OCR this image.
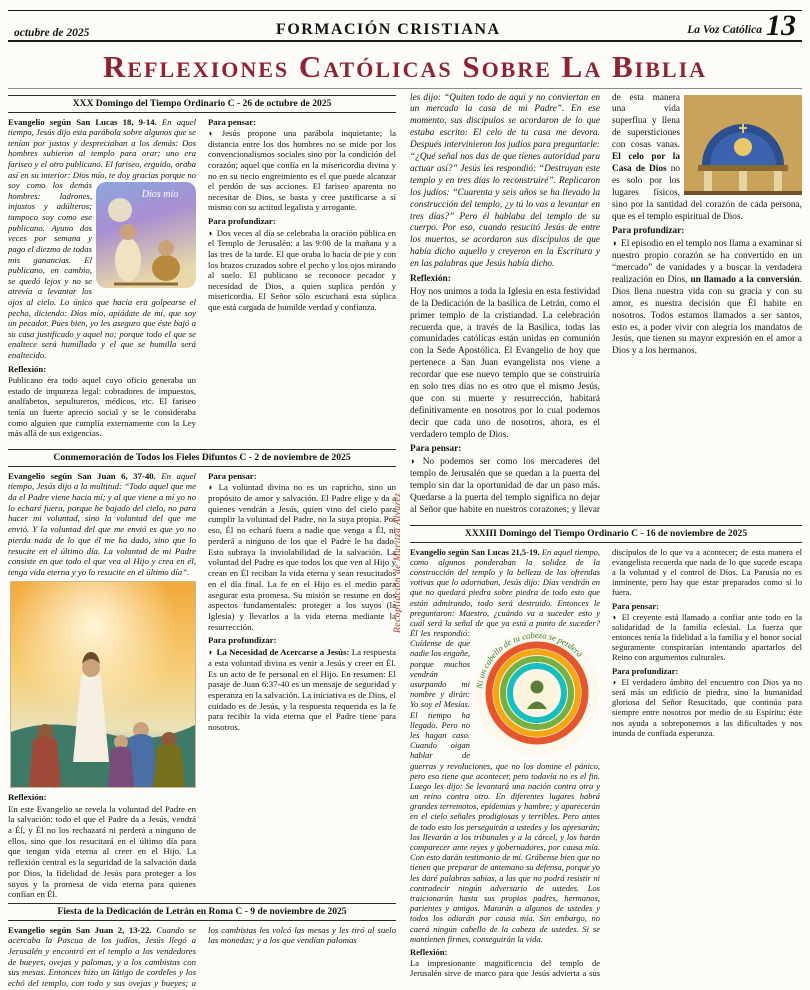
octubre de 2025	FORMACIÓN CRISTIANA	La Voz Católica 13
Reflexiones Católicas Sobre La Biblia
XXX Domingo del Tiempo Ordinario C - 26 de octubre de 2025

Evangelio según San Lucas 18, 9-14. En aquel tiempo, Jesús dijo esta parábola sobre algunos que se tenían por justos y despreciaban a los demás: Dos hombres subieron al templo para orar; uno era fariseo y el otro publicano. El fariseo, erguido, oraba así en su interior: Dios mío, te doy gracias porque
Dios mío
no soy como los demás hombres: ladrones, injustos y adúlteros; tampoco soy como ese publicano. Ayuno dos veces por semana y pago el diezmo de todas mis ganancias. El publicano, en cambio, se quedó lejos y no se atrevía a levantar los ojos al cielo. Lo único que hacía era golpearse el pecho, diciendo: Dios mío, apiádate de mí, que soy un pecador. Pues bien, yo les aseguro que éste bajó a su casa justificado y aquel no; porque todo el que se enaltece será humillado y el que se humilla será enaltecido.

Reflexión:

Publicano era todo aquel cuyo oficio generaba un estado de impureza legal: cobradores de impuestos, analfabetos, sepultureros, médicos, etc. El fariseo tenía un fuerte aprecio social y se le consideraba como alguien que cumplía externamente con la Ley más allá de sus exigencias.

Para pensar:

◗ Jesús propone una parábola inquietante; la distancia entre los dos hombres no se mide por los convencionalismos sociales sino por la condición del corazón; aquel que confía en la misericordia divina y no en su necio engreimiento es el que puede alcanzar el perdón de sus acciones. El fariseo aparenta no necesitar de Dios, se basta y cree justificarse a sí mismo con su actitud legalista y arrogante.

Para profundizar:

◗ Dos veces al día se celebraba la oración pública en el Templo de Jerusalén: a las 9:00 de la mañana y a las tres de la tarde. El que oraba lo hacía de pie y con los brazos cruzados sobre el pecho y los ojos mirando al suelo. El publicano se reconoce pecador y necesidad de Dios, a quien suplica perdón y misericordia. El Señor sólo escuchará esta súplica que está cargada de humilde verdad y confianza.

Conmemoración de Todos los Fieles Difuntos C - 2 de noviembre de 2025

Evangelio según San Juan 6, 37-40. En aquel tiempo, Jesús dijo a la multitud: “Todo aquel que me da el Padre viene hacia mí; y al que viene a mí yo no lo echaré fuera, porque he bajado del cielo, no para hacer mi voluntad, sino la voluntad del que me envió. Y la voluntad del que me envió es que yo no pierda nada de lo que él me ha dado, sino que lo resucite en el último día. La voluntad de mi Padre consiste en que todo el que vea al Hijo y crea en él, tenga vida eterna y yo lo resucite en el último día”.

Reflexión:

En este Evangelio se revela la voluntad del Padre en la salvación: todo el que el Padre da a Jesús, vendrá a Él, y Él no los rechazará ni perderá a ninguno de ellos, sino que los resucitará en el último día para que tengan vida eterna al creer en el Hijo. La reflexión central es la seguridad de la salvación dada por Dios, la fidelidad de Jesús para proteger a los suyos y la promesa de vida eterna para quienes confían en Él.

Para pensar:

◗ La voluntad divina no es un capricho, sino un propósito de amor y salvación. El Padre elige y da a quienes vendrán a Jesús, quien vino del cielo para cumplir la voluntad del Padre, no la suya propia. Por eso, Él no echará fuera a nadie que venga a Él, ni perderá a ninguno de los que el Padre le ha dado. Esto subraya la inviolabilidad de la salvación. La voluntad del Padre es que todos los que ven al Hijo y crean en Él reciban la vida eterna y sean resucitados en el día final. La fe en el Hijo es el medio para asegurar esta promesa. Su misión se resume en dos aspectos fundamentales: proteger a los suyos (la Iglesia) y llevarlos a la vida eterna mediante la resurrección.

Para profundizar:

◗ La Necesidad de Acercarse a Jesús: La respuesta a esta voluntad divina es venir a Jesús y creer en Él. Es un acto de fe personal en el Hijo. En resumen: El pasaje de Juan 6:37-40 es un mensaje de seguridad y esperanza en la salvación. La iniciativa es de Dios, el cuidado es de Jesús, y la respuesta requerida es la fe para recibir la vida eterna que el Padre tiene para nosotros.

Fiesta de la Dedicación de Letrán en Roma C - 9 de noviembre de 2025

Evangelio según San Juan 2, 13-22. Cuando se acercaba la Pascua de los judíos, Jesús llegó a Jerusalén y encontró en el templo a los vendedores de bueyes, ovejas y palomas, y a los cambistas con sus mesas. Entonces hizo un látigo de cordeles y los echó del templo, con todo y sus ovejas y bueyes; a los cambistas les volcó las mesas y les tiró al suelo las monedas; y a los que vendían palomas

les dijo: “Quiten todo de aquí y no conviertan en un mercado la casa de mi Padre”. En ese momento, sus discípulos se acordaron de lo que estaba escrito: El celo de tu casa me devora. Después intervinieron los judíos para preguntarle: “¿Qué señal nos das de que tienes autoridad para actuar así?” Jesús les respondió: “Destruyan este templo y en tres días lo reconstruiré”. Replicaron los judíos: “Cuarenta y seis años se ha llevado la construcción del templo, ¿y tú lo vas a levantar en tres días?” Pero él hablaba del templo de su cuerpo. Por eso, cuando resucitó Jesús de entre los muertos, se acordaron sus discípulos de que había dicho aquello y creyeron en la Escritura y en las palabras que Jesús había dicho.

Reflexión:

Hoy nos unimos a toda la Iglesia en esta festividad de la Dedicación de la basílica de Letrán, como el primer templo de la cristiandad. La celebración recuerda que, a través de la Basílica, todas las comunidades católicas están unidas en comunión con la Sede Apostólica. El Evangelio de hoy que pertenece a San Juan evangelista nos viene a recordar que ese nuevo templo que se construiría en solo tres días no es otro que el mismo Jesús, que con su muerte y resurrección, habitará definitivamente en nosotros por lo cual podemos decir que cada uno de nosotros, ahora, es el verdadero templo de Dios.

Para pensar:

◗ No podemos ser como los mercaderes del templo de Jerusalén que se quedan a la puerta del templo sin dar la oportunidad de dar un paso más. Quedarse a la puerta del templo significa no dejar al Señor que habite en nuestros corazones; y llevar de esta manera una vida superflua y llena de supersticiones con cosas vanas. El celo por la Casa de Dios no es solo por los lugares físicos, sino por la santidad del corazón de cada persona, que es el templo espiritual de Dios.

Para profundizar:

◗ El episodio en el templo nos llama a examinar si nuestro propio corazón se ha convertido en un “mercado” de vanidades y a buscar la verdadera realización en Dios, un llamado a la conversión. Dios llena nuestra vida con su gracia y con su amor, es nuestra decisión que Él habite en nosotros. Todos estamos llamados a ser santos, esto es, a poder vivir con alegría los mandatos de Jesús, que tienen su mayor expresión en el amor a Dios y a los hermanos.

XXXIII Domingo del Tiempo Ordinario C - 16 de noviembre de 2025

Evangelio según San Lucas 21,5-19. En aquel tiempo, como algunos ponderaban la solidez de la construcción del templo y la belleza de las ofrendas votivas que lo adornaban, Jesús dijo: Días vendrán en que no quedará piedra sobre piedra de todo esto que están admirando, todo será destruido. Entonces le preguntaron: Maestro, ¿cuándo va a suceder esto y cuál será la señal de que ya está a
Ni un cabello de tu cabeza se perderá
punto de suceder? Él les respondió: Cuídense de que nadie los engañe, porque muchos vendrán usurpando mi nombre y dirán: Yo soy el Mesías. El tiempo ha llegado. Pero no les hagan caso. Cuando oigan hablar de guerras y revoluciones, que no los domine el pánico, pero eso tiene que acontecer, pero todavía no es el fin. Luego les dijo: Se levantará una nación contra otra y un reino contra otro. En diferentes lugares habrá grandes terremotos, epidemias y hambre; y aparecerán en el cielo señales prodigiosas y terribles. Pero antes de todo esto los perseguirán a ustedes y los apresarán; los llevarán a los tribunales y a la cárcel, y los harán comparecer ante reyes y gobernadores, por causa mía. Con esto darán testimonio de mí. Grábense bien que no tienen que preparar de antemano su defensa, porque yo les daré palabras sabias, a las que no podrá resistir ni contradecir ningún adversario de ustedes. Los traicionarán hasta sus propios padres, hermanos, parientes y amigos. Matarán a algunos de ustedes y todos los odiarán por causa mía. Sin embargo, no caerá ningún cabello de la cabeza de ustedes. Si se mantienen firmes, conseguirán la vida.

Reflexión:

La impresionante magnificencia del templo de Jerusalén sirve de marco para que Jesús advierta a sus discípulos de lo que va a acontecer; de esta manera el evangelista recuerda que nada de lo que sucede escapa a la voluntad y el control de Dios. La Parusía no es inminente, pero hay que estar preparados como si lo fuera.

Para pensar:

◗ El creyente está llamado a confiar ante todo en la solidaridad de la familia eclesial. La fuerza que entonces tenía la fidelidad a la familia y el honor social seguramente conspirarían intentando apartarlos del Reino con argumentos culturales.

Para profundizar:

◗ El verdadero ámbito del encuentro con Dios ya no será más un edificio de piedra, sino la humanidad gloriosa del Señor Resucitado, que continúa para siempre entre nosotros por medio de su Espíritu; éste nos ayuda a sobreponernos a las dificultades y nos inunda de confiada esperanza.

Recopilación de Maritza Álvarez
